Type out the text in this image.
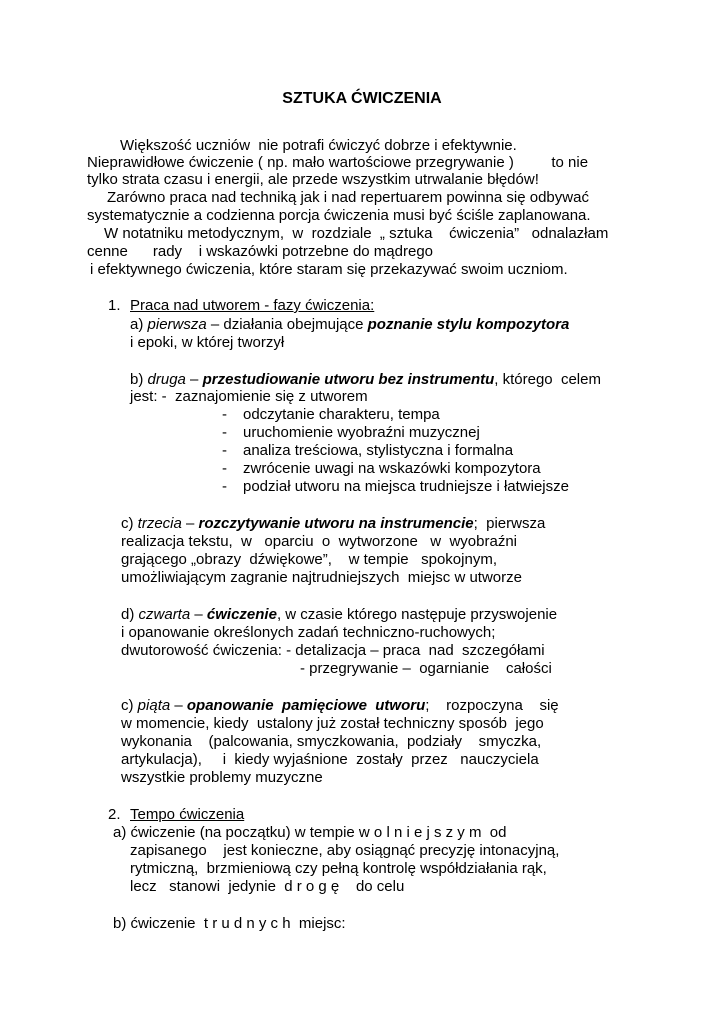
SZTUKA ĆWICZENIA
Większość uczniów  nie potrafi ćwiczyć dobrze i efektywnie.
Nieprawidłowe ćwiczenie ( np. mało wartościowe przegrywanie )         to nie
tylko strata czasu i energii, ale przede wszystkim utrwalanie błędów!
Zarówno praca nad techniką jak i nad repertuarem powinna się odbywać
systematycznie a codzienna porcja ćwiczenia musi być ściśle zaplanowana.
W notatniku metodycznym,  w  rozdziale  „ sztuka    ćwiczenia”   odnalazłam
cenne      rady    i wskazówki potrzebne do mądrego
i efektywnego ćwiczenia, które staram się przekazywać swoim uczniom.
1. Praca nad utworem - fazy ćwiczenia:
a) pierwsza – działania obejmujące poznanie stylu kompozytora
i epoki, w której tworzył
b) druga – przestudiowanie utworu bez instrumentu, którego  celem
jest: -  zaznajomienie się z utworem
- odczytanie charakteru, tempa
- uruchomienie wyobraźni muzycznej
- analiza treściowa, stylistyczna i formalna
- zwrócenie uwagi na wskazówki kompozytora
- podział utworu na miejsca trudniejsze i łatwiejsze
c) trzecia – rozczytywanie utworu na instrumencie;  pierwsza
realizacja tekstu,  w   oparciu  o  wytworzone   w  wyobraźni
grającego „obrazy  dźwiękowe”,    w tempie   spokojnym,
umożliwiającym zagranie najtrudniejszych  miejsc w utworze
d) czwarta – ćwiczenie, w czasie którego następuje przyswojenie
i opanowanie określonych zadań techniczno-ruchowych;
dwutorowość ćwiczenia: - detalizacja – praca  nad  szczegółami
- przegrywanie –  ogarnianie    całości
c) piąta – opanowanie  pamięciowe  utworu;    rozpoczyna    się
w momencie, kiedy  ustalony już został techniczny sposób  jego
wykonania    (palcowania, smyczkowania,  podziały    smyczka,
artykulacja),     i  kiedy wyjaśnione  zostały  przez   nauczyciela
wszystkie problemy muzyczne
2. Tempo ćwiczenia
a) ćwiczenie (na początku) w tempie w o l n i e j s z y m  od
zapisanego    jest konieczne, aby osiągnąć precyzję intonacyjną,
rytmiczną,  brzmieniową czy pełną kontrolę współdziałania rąk,
lecz   stanowi  jedynie  d r o g ę    do celu
b) ćwiczenie  t r u d n y c h  miejsc:
